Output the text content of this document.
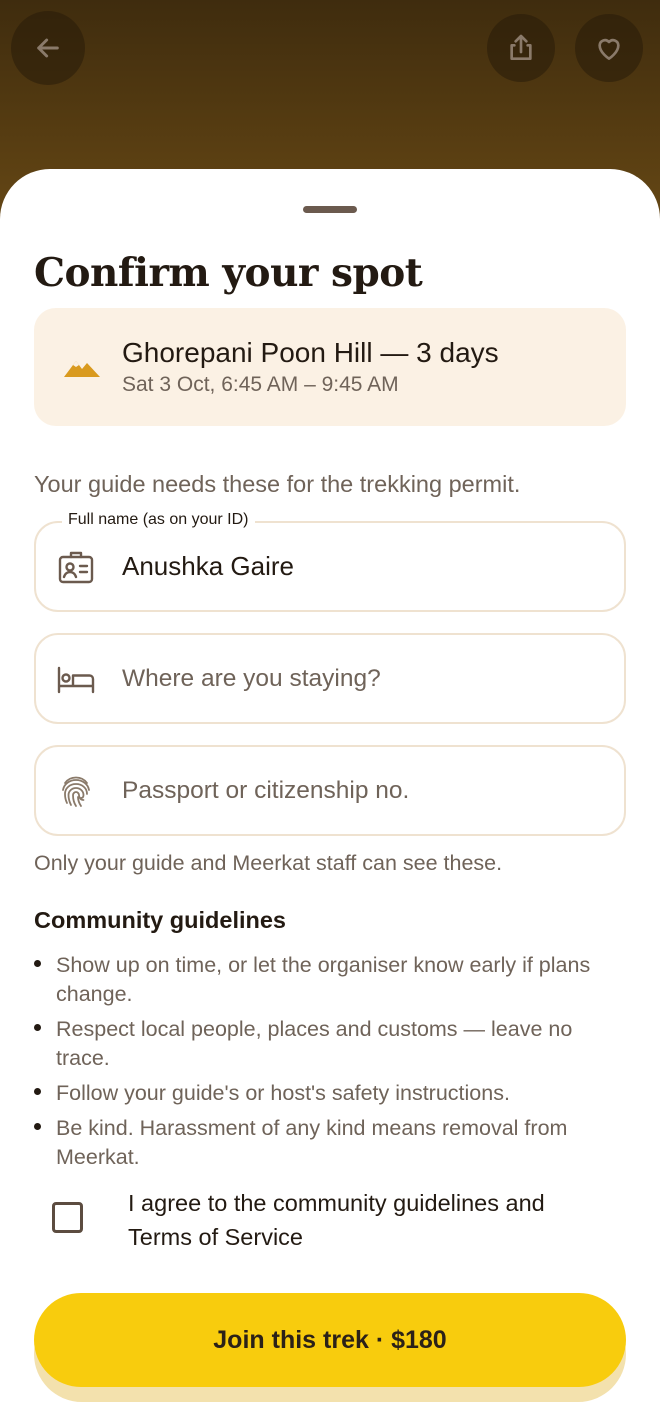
Confirm your spot
Ghorepani Poon Hill — 3 days
Sat 3 Oct, 6:45 AM – 9:45 AM
Your guide needs these for the trekking permit.
Anushka Gaire
Full name (as on your ID)
Where are you staying?
Passport or citizenship no.
Only your guide and Meerkat staff can see these.
Community guidelines
Show up on time, or let the organiser know early if plans change.
Respect local people, places and customs — leave no trace.
Follow your guide's or host's safety instructions.
Be kind. Harassment of any kind means removal from Meerkat.
I agree to the community guidelines and Terms of Service
Join this trek · $180
